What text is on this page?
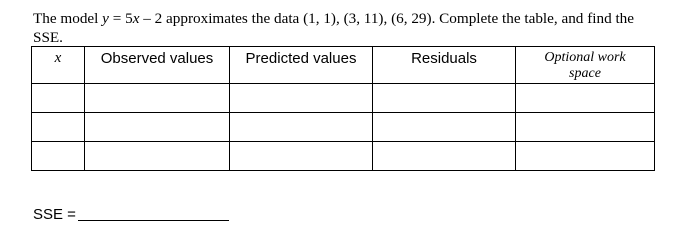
The model y = 5x – 2 approximates the data (1, 1), (3, 11), (6, 29). Complete the table, and find the SSE.

x	Observed values	Predicted values	Residuals	Optional work
space

SSE =
